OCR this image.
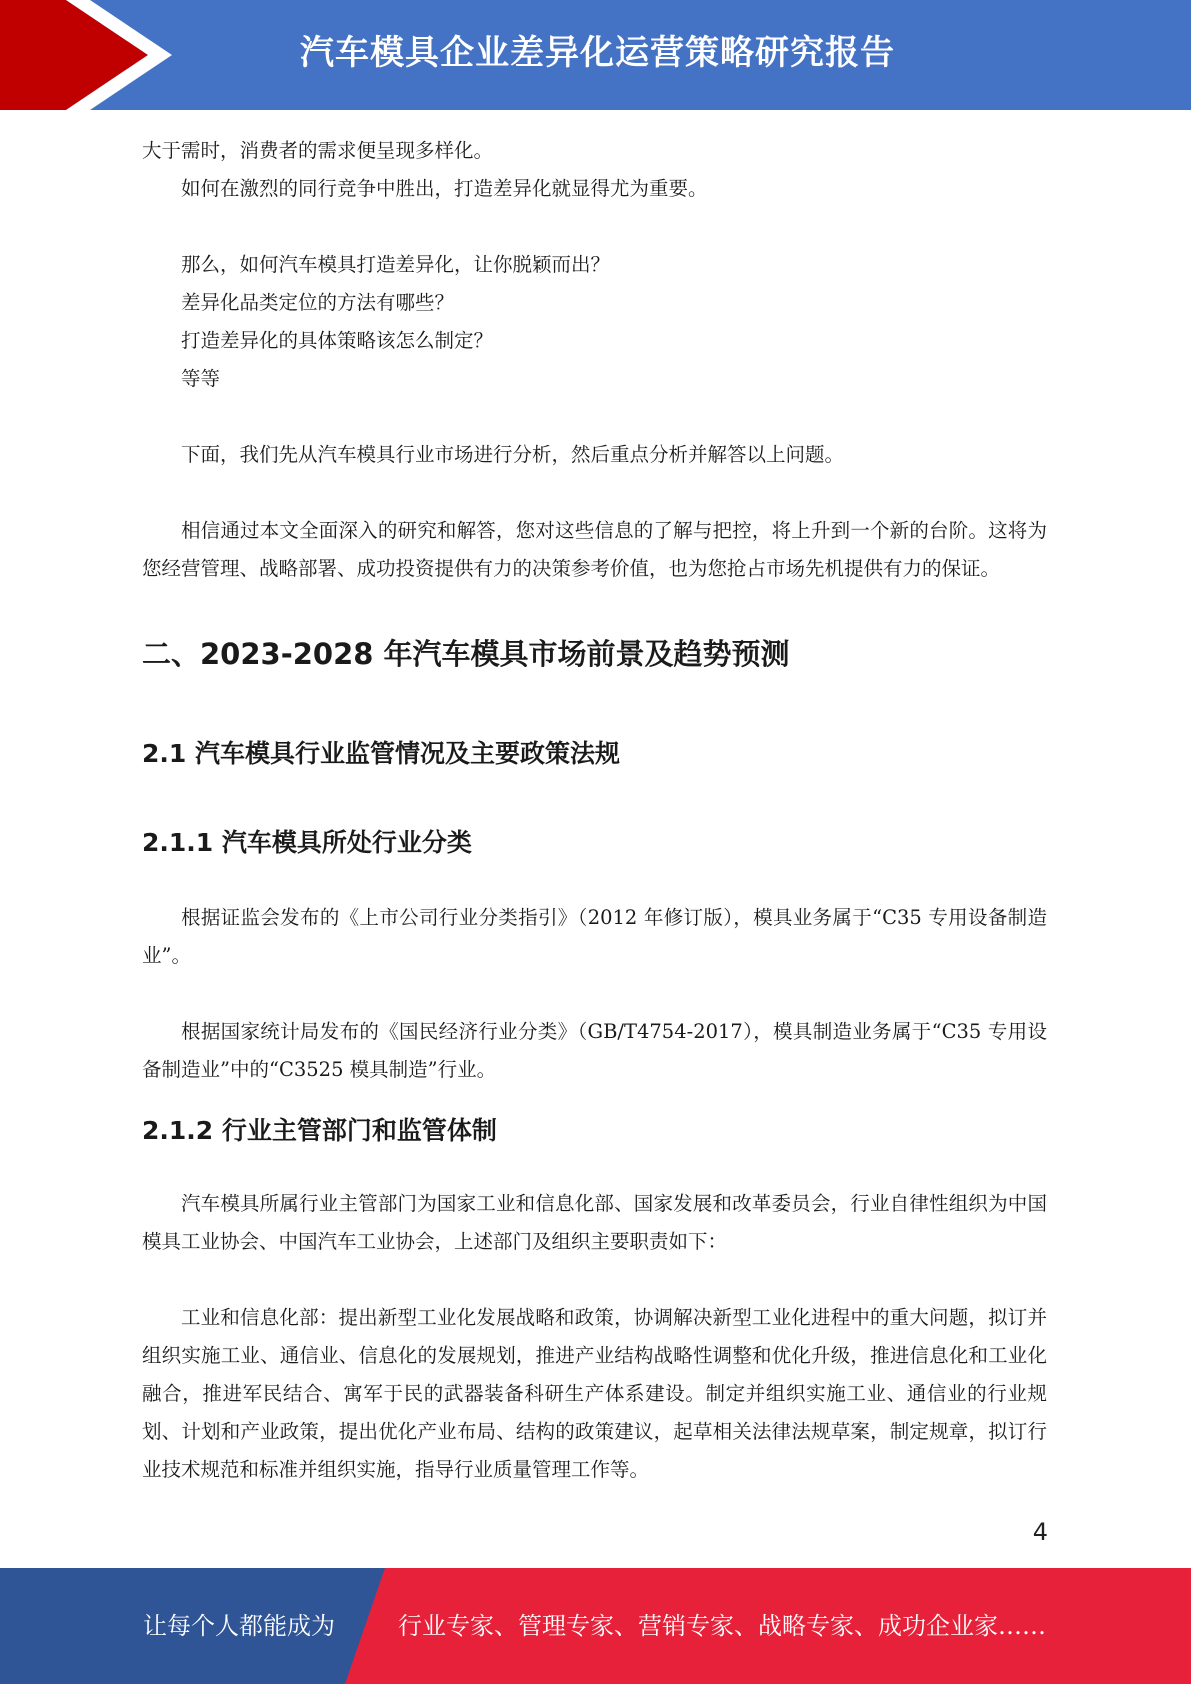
汽车模具企业差异化运营策略研究报告

大于需时，消费者的需求便呈现多样化。

如何在激烈的同行竞争中胜出，打造差异化就显得尤为重要。

那么，如何汽车模具打造差异化，让你脱颖而出？

差异化品类定位的方法有哪些？

打造差异化的具体策略该怎么制定？

等等

下面，我们先从汽车模具行业市场进行分析，然后重点分析并解答以上问题。

相信通过本文全面深入的研究和解答，您对这些信息的了解与把控，将上升到一个新的台阶。这将为您经营管理、战略部署、成功投资提供有力的决策参考价值，也为您抢占市场先机提供有力的保证。

二、2023-2028 年汽车模具市场前景及趋势预测
2.1 汽车模具行业监管情况及主要政策法规
2.1.1 汽车模具所处行业分类

根据证监会发布的《上市公司行业分类指引》（2012 年修订版），模具业务属于“C35 专用设备制造业”。

根据国家统计局发布的《国民经济行业分类》（GB/T4754-2017），模具制造业务属于“C35 专用设备制造业”中的“C3525 模具制造”行业。

2.1.2 行业主管部门和监管体制

汽车模具所属行业主管部门为国家工业和信息化部、国家发展和改革委员会，行业自律性组织为中国模具工业协会、中国汽车工业协会，上述部门及组织主要职责如下：

工业和信息化部：提出新型工业化发展战略和政策，协调解决新型工业化进程中的重大问题，拟订并组织实施工业、通信业、信息化的发展规划，推进产业结构战略性调整和优化升级，推进信息化和工业化融合，推进军民结合、寓军于民的武器装备科研生产体系建设。制定并组织实施工业、通信业的行业规划、计划和产业政策，提出优化产业布局、结构的政策建议，起草相关法律法规草案，制定规章，拟订行业技术规范和标准并组织实施，指导行业质量管理工作等。

4
让每个人都能成为	行业专家、管理专家、营销专家、战略专家、成功企业家……
